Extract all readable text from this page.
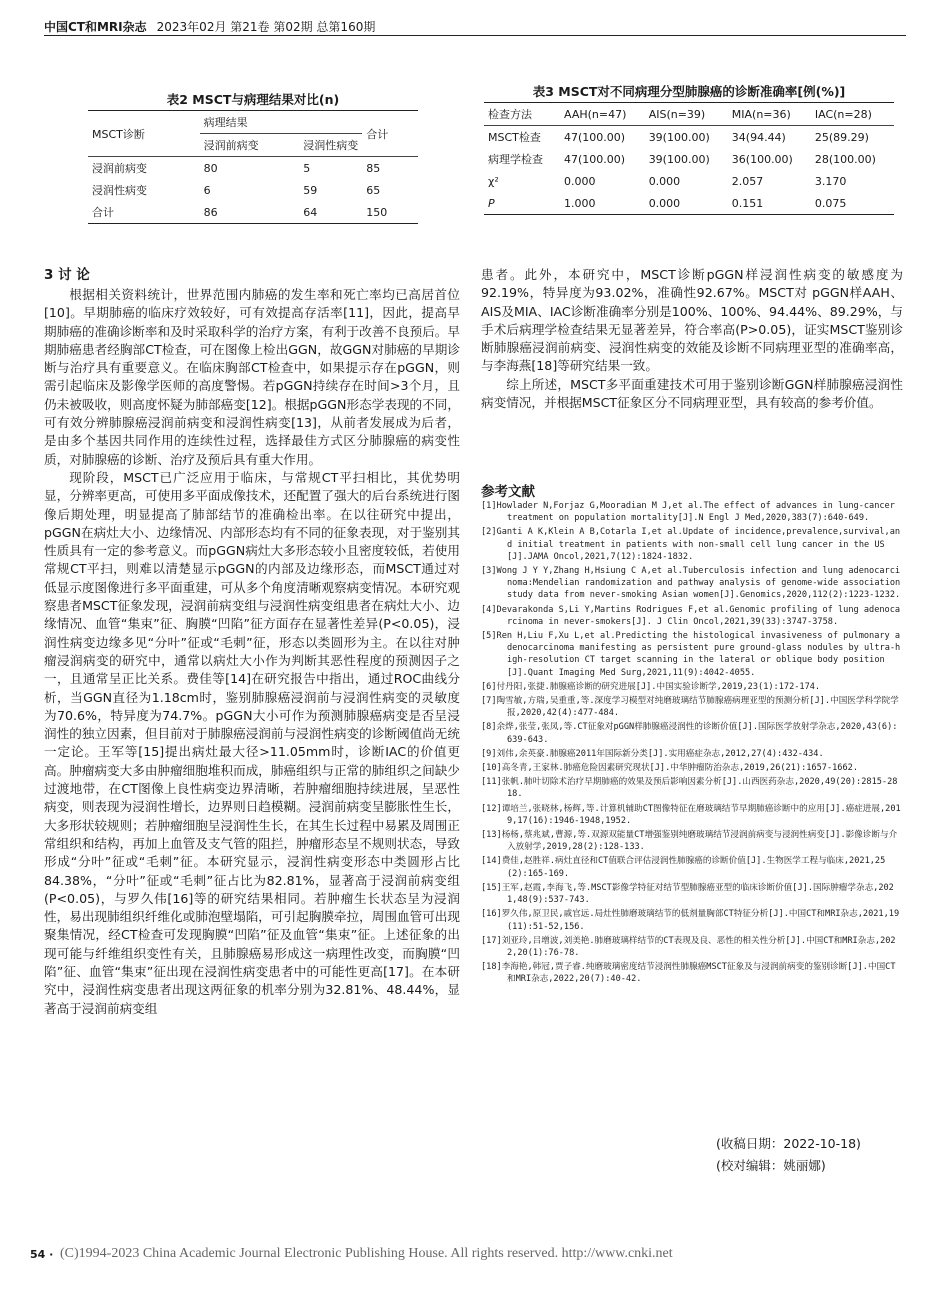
中国CT和MRI杂志 2023年02月 第21卷 第02期 总第160期
表2 MSCT与病理结果对比(n)
MSCT诊断	病理结果		合计
	浸润前病变	浸润性病变	
浸润前病变	80	5	85
浸润性病变	6	59	65
合计	86	64	150
表3 MSCT对不同病理分型肺腺癌的诊断准确率[例(%)]
检查方法	AAH(n=47)	AIS(n=39)	MIA(n=36)	IAC(n=28)
MSCT检查	47(100.00)	39(100.00)	34(94.44)	25(89.29)
病理学检查	47(100.00)	39(100.00)	36(100.00)	28(100.00)
χ²	0.000	0.000	2.057	3.170
P	1.000	0.000	0.151	0.075
3 讨 论

根据相关资料统计，世界范围内肺癌的发生率和死亡率均已高居首位[10]。早期肺癌的临床疗效较好，可有效提高存活率[11]，因此，提高早期肺癌的准确诊断率和及时采取科学的治疗方案，有利于改善不良预后。早期肺癌患者经胸部CT检查，可在图像上检出GGN，故GGN对肺癌的早期诊断与治疗具有重要意义。在临床胸部CT检查中，如果提示存在pGGN，则需引起临床及影像学医师的高度警惕。若pGGN持续存在时间>3个月，且仍未被吸收，则高度怀疑为肺部癌变[12]。根据pGGN形态学表现的不同，可有效分辨肺腺癌浸润前病变和浸润性病变[13]，从前者发展成为后者，是由多个基因共同作用的连续性过程，选择最佳方式区分肺腺癌的病变性质，对肺腺癌的诊断、治疗及预后具有重大作用。

现阶段，MSCT已广泛应用于临床，与常规CT平扫相比，其优势明显，分辨率更高，可使用多平面成像技术，还配置了强大的后台系统进行图像后期处理，明显提高了肺部结节的准确检出率。在以往研究中提出，pGGN在病灶大小、边缘情况、内部形态均有不同的征象表现，对于鉴别其性质具有一定的参考意义。而pGGN病灶大多形态较小且密度较低，若使用常规CT平扫，则难以清楚显示pGGN的内部及边缘形态，而MSCT通过对低显示度图像进行多平面重建，可从多个角度清晰观察病变情况。本研究观察患者MSCT征象发现，浸润前病变组与浸润性病变组患者在病灶大小、边缘情况、血管“集束”征、胸膜“凹陷”征方面存在显著性差异(P<0.05)，浸润性病变边缘多见“分叶”征或“毛刺”征，形态以类圆形为主。在以往对肿瘤浸润病变的研究中，通常以病灶大小作为判断其恶性程度的预测因子之一，且通常呈正比关系。费佳等[14]在研究报告中指出，通过ROC曲线分析，当GGN直径为1.18cm时，鉴别肺腺癌浸润前与浸润性病变的灵敏度为70.6%，特异度为74.7%。pGGN大小可作为预测肺腺癌病变是否呈浸润性的独立因素，但目前对于肺腺癌浸润前与浸润性病变的诊断阈值尚无统一定论。王军等[15]提出病灶最大径>11.05mm时，诊断IAC的价值更高。肿瘤病变大多由肿瘤细胞堆积而成，肺癌组织与正常的肺组织之间缺少过渡地带，在CT图像上良性病变边界清晰，若肿瘤细胞持续进展，呈恶性病变，则表现为浸润性增长，边界则日趋模糊。浸润前病变呈膨胀性生长，大多形状较规则；若肿瘤细胞呈浸润性生长，在其生长过程中易累及周围正常组织和结构，再加上血管及支气管的阻拦，肿瘤形态呈不规则状态，导致形成“分叶”征或“毛刺”征。本研究显示，浸润性病变形态中类圆形占比84.38%，“分叶”征或“毛刺”征占比为82.81%，显著高于浸润前病变组(P<0.05)，与罗久伟[16]等的研究结果相同。若肿瘤生长状态呈为浸润性，易出现肺组织纤维化或肺泡壁塌陷，可引起胸膜牵拉，周围血管可出现聚集情况，经CT检查可发现胸膜“凹陷”征及血管“集束”征。上述征象的出现可能与纤维组织变性有关，且肺腺癌易形成这一病理性改变，而胸膜“凹陷”征、血管“集束”征出现在浸润性病变患者中的可能性更高[17]。在本研究中，浸润性病变患者出现这两征象的机率分别为32.81%、48.44%，显著高于浸润前病变组

患者。此外，本研究中，MSCT诊断pGGN样浸润性病变的敏感度为92.19%，特异度为93.02%，准确性92.67%。MSCT对 pGGN样AAH、AIS及MIA、IAC诊断准确率分别是100%、100%、94.44%、89.29%，与手术后病理学检查结果无显著差异，符合率高(P>0.05)，证实MSCT鉴别诊断肺腺癌浸润前病变、浸润性病变的效能及诊断不同病理亚型的准确率高，与李海燕[18]等研究结果一致。

综上所述，MSCT多平面重建技术可用于鉴别诊断GGN样肺腺癌浸润性病变情况，并根据MSCT征象区分不同病理亚型，具有较高的参考价值。

参考文献
[1]Howlader N,Forjaz G,Mooradian M J,et al.The effect of advances in lung-cancer treatment on population mortality[J].N Engl J Med,2020,383(7):640-649.
[2]Ganti A K,Klein A B,Cotarla I,et al.Update of incidence,prevalence,survival,and initial treatment in patients with non-small cell lung cancer in the US[J].JAMA Oncol,2021,7(12):1824-1832.
[3]Wong J Y Y,Zhang H,Hsiung C A,et al.Tuberculosis infection and lung adenocarcinoma:Mendelian randomization and pathway analysis of genome-wide association study data from never-smoking Asian women[J].Genomics,2020,112(2):1223-1232.
[4]Devarakonda S,Li Y,Martins Rodrigues F,et al.Genomic profiling of lung adenocarcinoma in never-smokers[J]. J Clin Oncol,2021,39(33):3747-3758.
[5]Ren H,Liu F,Xu L,et al.Predicting the histological invasiveness of pulmonary adenocarcinoma manifesting as persistent pure ground-glass nodules by ultra-high-resolution CT target scanning in the lateral or oblique body position[J].Quant Imaging Med Surg,2021,11(9):4042-4055.
[6]付丹阳,张捷.肺腺癌诊断的研究进展[J].中国实验诊断学,2019,23(1):172-174.
[7]陶雪敏,方瑞,吴重重,等.深度学习模型对纯磨玻璃结节肺腺癌病理亚型的预测分析[J].中国医学科学院学报,2020,42(4):477-484.
[8]余烨,张莹,张凤,等.CT征象对pGGN样肺腺癌浸润性的诊断价值[J].国际医学放射学杂志,2020,43(6):639-643.
[9]刘伟,余英豪.肺腺癌2011年国际新分类[J].实用癌症杂志,2012,27(4):432-434.
[10]高冬青,王家林.肺癌危险因素研究现状[J].中华肿瘤防治杂志,2019,26(21):1657-1662.
[11]张帆.肺叶切除术治疗早期肺癌的效果及预后影响因素分析[J].山西医药杂志,2020,49(20):2815-2818.
[12]谭培兰,张晓林,杨辉,等.计算机辅助CT图像特征在磨玻璃结节早期肺癌诊断中的应用[J].癌症进展,2019,17(16):1946-1948,1952.
[13]杨杨,蔡兆斌,曹源,等.双源双能量CT增强鉴别纯磨玻璃结节浸润前病变与浸润性病变[J].影像诊断与介入放射学,2019,28(2):128-133.
[14]费佳,赵胜祥.病灶直径和CT值联合评估浸润性肺腺癌的诊断价值[J].生物医学工程与临床,2021,25(2):165-169.
[15]王军,赵霞,李海飞,等.MSCT影像学特征对结节型肺腺癌亚型的临床诊断价值[J].国际肿瘤学杂志,2021,48(9):537-743.
[16]罗久伟,原卫民,戚官远.局灶性肺磨玻璃结节的低剂量胸部CT特征分析[J].中国CT和MRI杂志,2021,19(11):51-52,156.
[17]刘亚玲,吕增波,刘美艳.肺磨玻璃样结节的CT表现及良、恶性的相关性分析[J].中国CT和MRI杂志,2022,20(1):76-78.
[18]李海艳,韩冠,贾子睿.纯磨玻璃密度结节浸润性肺腺癌MSCT征象及与浸润前病变的鉴别诊断[J].中国CT和MRI杂志,2022,20(7):40-42.
(收稿日期：2022-10-18)
(校对编辑：姚丽娜)
54 · (C)1994-2023 China Academic Journal Electronic Publishing House. All rights reserved. http://www.cnki.net
